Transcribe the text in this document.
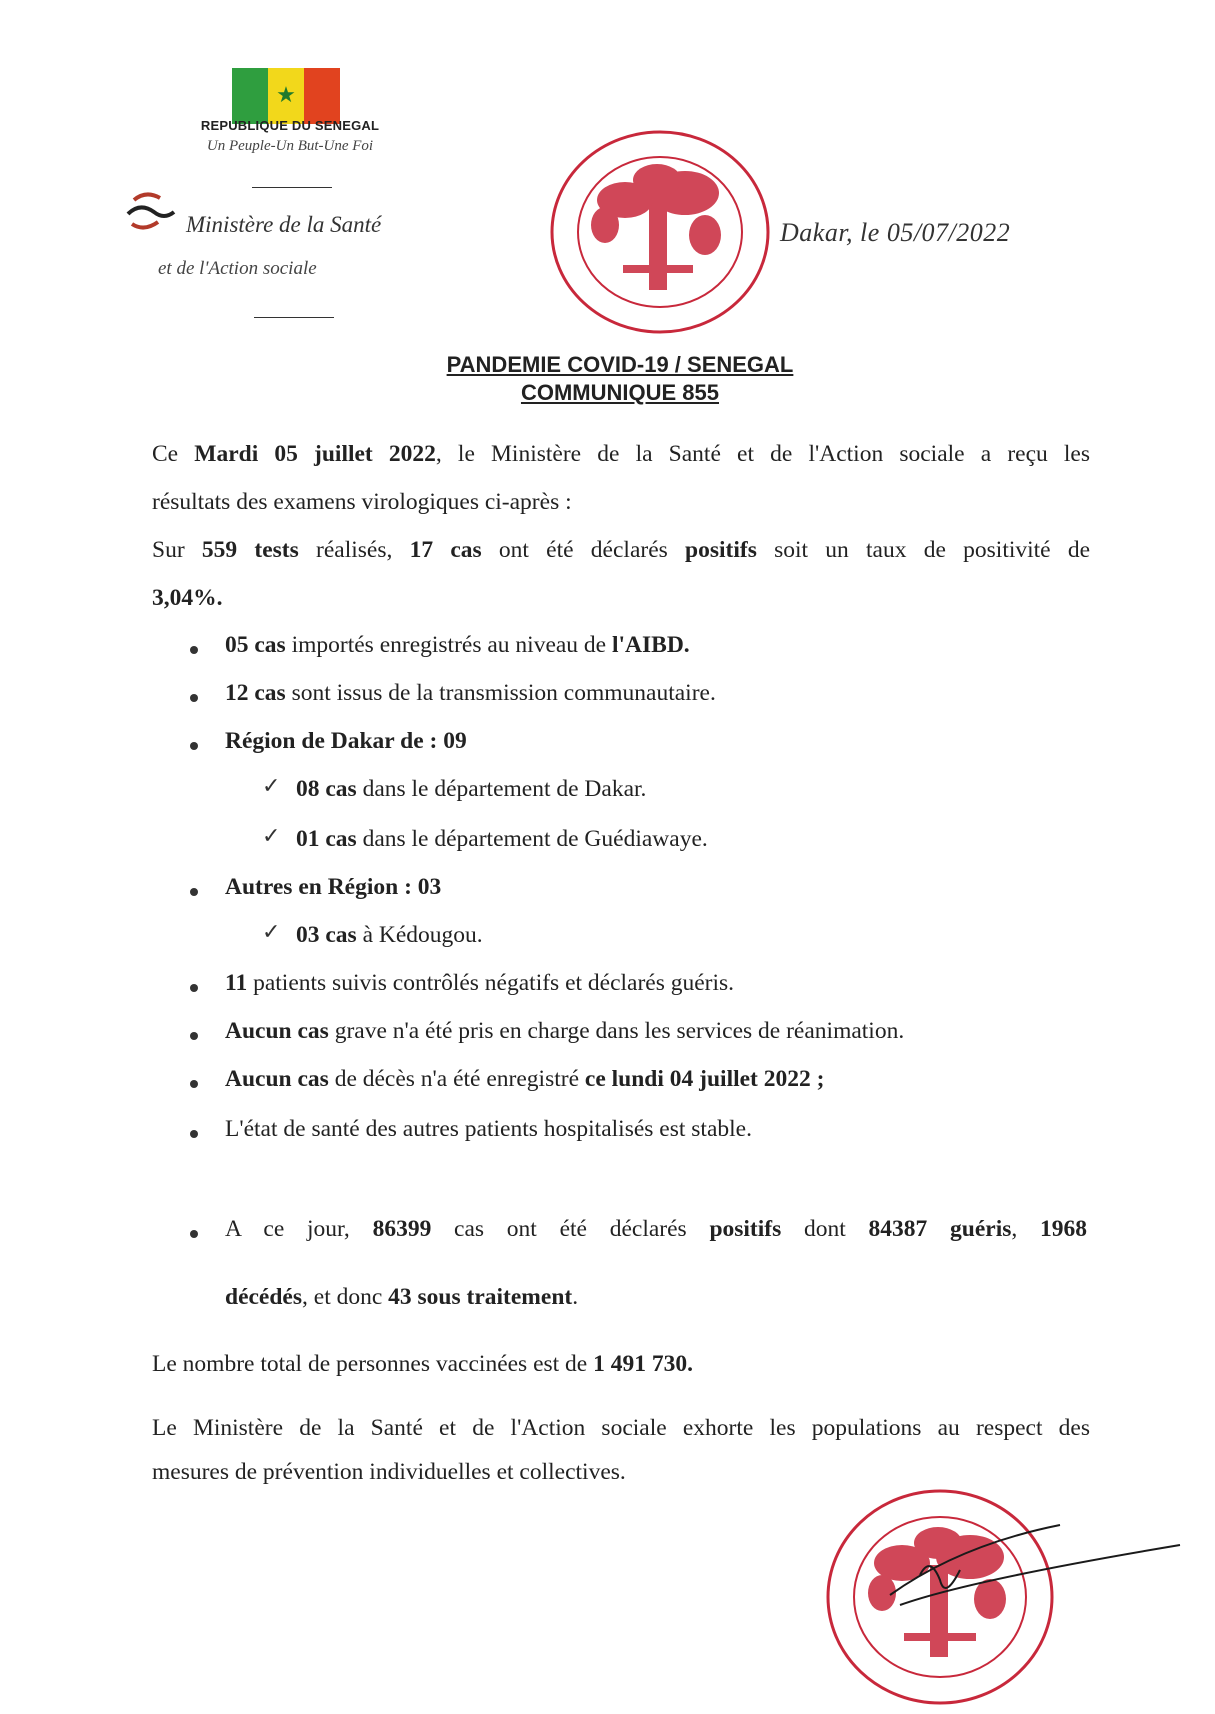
★
REPUBLIQUE DU SENEGAL
Un Peuple-Un But-Une Foi
Ministère de la Santé
et de l'Action sociale
Dakar, le 05/07/2022
PANDEMIE COVID-19 / SENEGAL
COMMUNIQUE 855
Ce Mardi 05 juillet 2022, le Ministère de la Santé et de l'Action sociale a reçu les
résultats des examens virologiques ci-après :
Sur 559 tests réalisés, 17 cas ont été déclarés positifs soit un taux de positivité de
3,04%.
05 cas importés enregistrés au niveau de l'AIBD.
12 cas sont issus de la transmission communautaire.
Région de Dakar de : 09
✓ 08 cas dans le département de Dakar.
✓ 01 cas dans le département de Guédiawaye.
Autres en Région : 03
✓ 03 cas à Kédougou.
11 patients suivis contrôlés négatifs et déclarés guéris.
Aucun cas grave n'a été pris en charge dans les services de réanimation.
Aucun cas de décès n'a été enregistré ce lundi 04 juillet 2022 ;
L'état de santé des autres patients hospitalisés est stable.
A ce jour, 86399 cas ont été déclarés positifs dont 84387 guéris, 1968
décédés, et donc 43 sous traitement.
Le nombre total de personnes vaccinées est de 1 491 730.
Le Ministère de la Santé et de l'Action sociale exhorte les populations au respect des
mesures de prévention individuelles et collectives.
